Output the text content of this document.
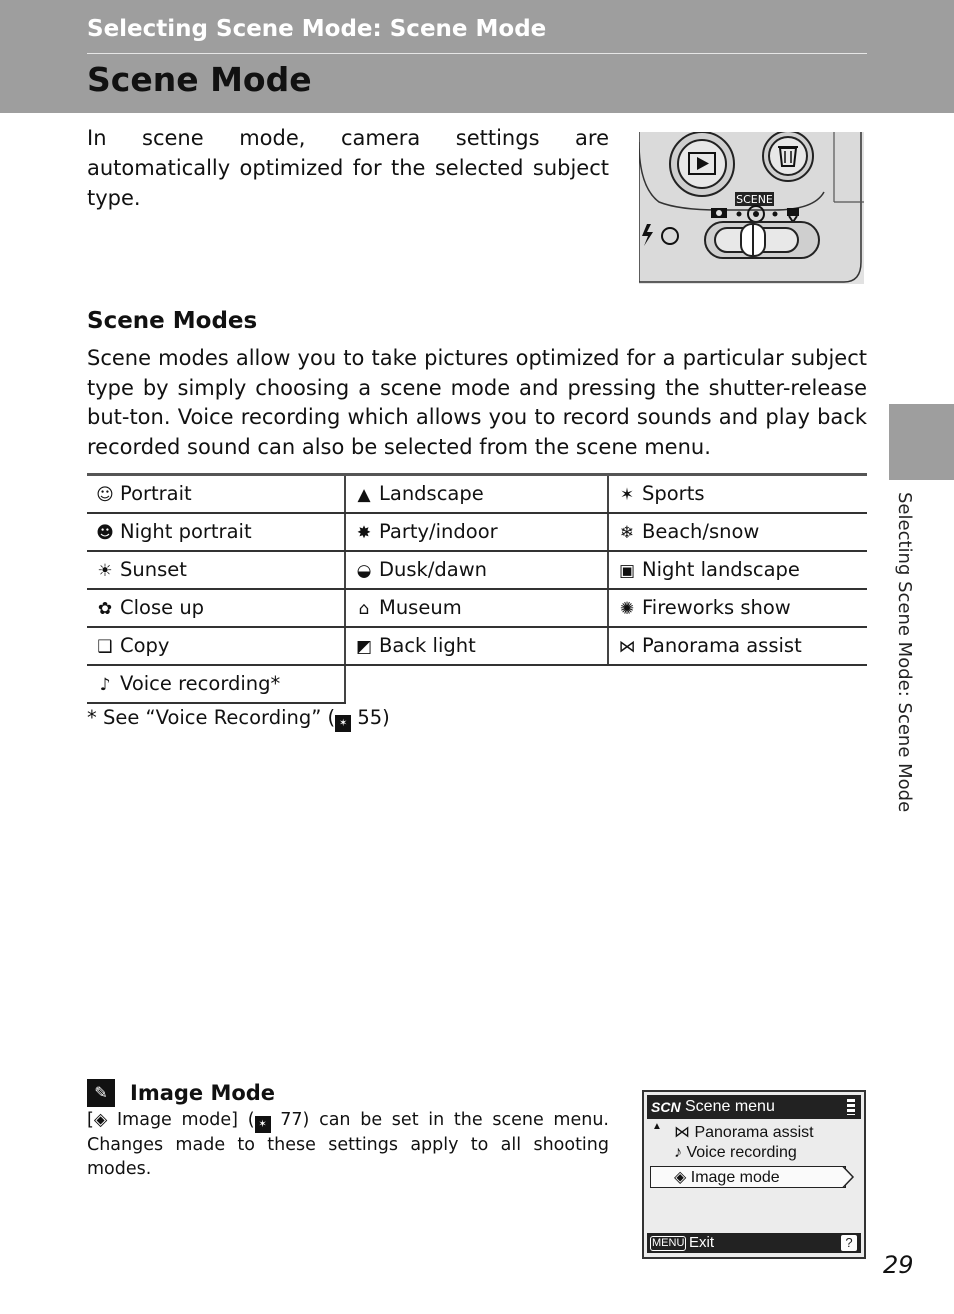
Selecting Scene Mode: Scene Mode
Scene Mode

In scene mode, camera settings are automatically optimized for the selected subject type.	SCENE
Scene Modes

Scene modes allow you to take pictures optimized for a particular subject type by simply choosing a scene mode and pressing the shutter-release but-ton. Voice recording which allows you to record sounds and play back recorded sound can also be selected from the scene menu.

☺ Portrait	▲ Landscape	✶ Sports
☻ Night portrait	✸ Party/indoor	❄ Beach/snow
☀ Sunset	◒ Dusk/dawn	▣ Night landscape
✿ Close up	⌂ Museum	✺ Fireworks show
❑ Copy	◩ Back light	⋈ Panorama assist
♪ Voice recording*		
* See “Voice Recording” ( ✶ 55)	Selecting Scene Mode: Scene Mode
✎	Image Mode

[◈ Image mode] ( ✶ 77) can be set in the scene menu. Changes made to these settings apply to all shooting modes.

SCN Scene menu
▲ ⋈ Panorama assist
♪ Voice recording
◈ Image mode
MENU Exit	?
29
